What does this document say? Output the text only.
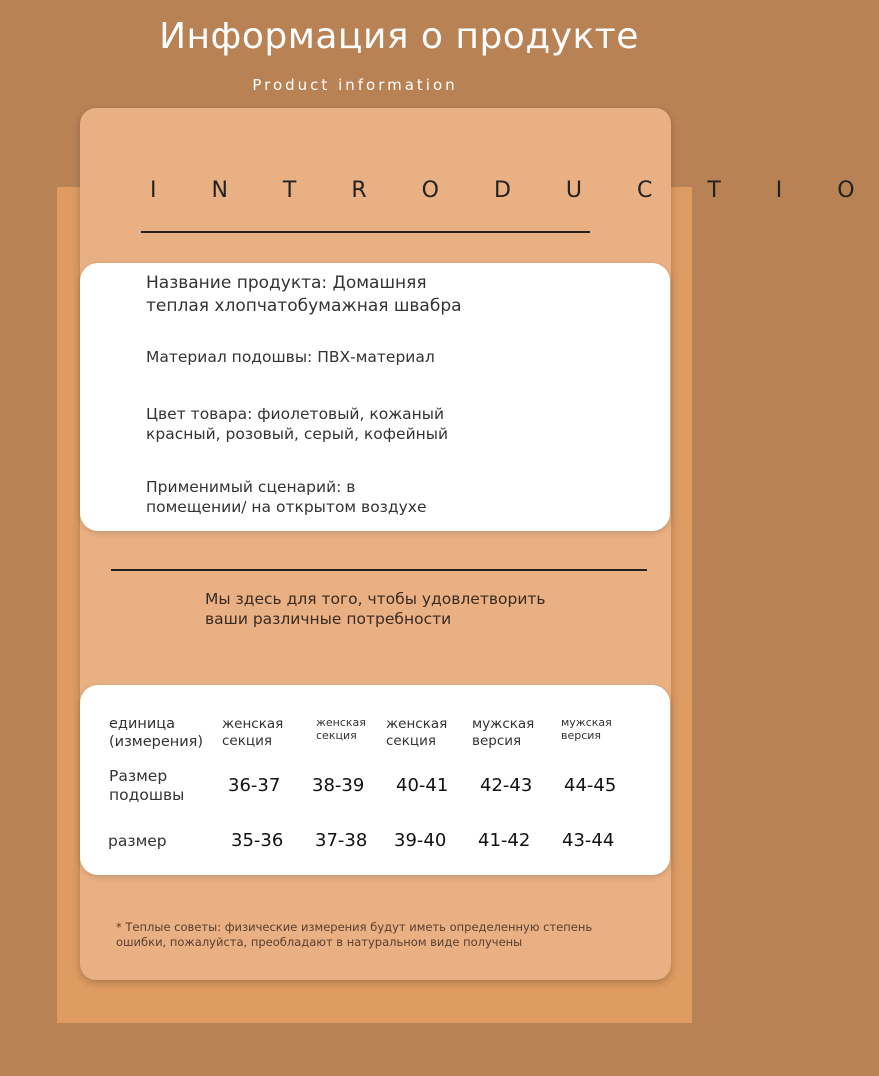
Информация о продукте
Product information
I N T R O D U C T I O
Название продукта: Домашняя
теплая хлопчатобумажная швабра
Материал подошвы: ПВХ-материал
Цвет товара: фиолетовый, кожаный
красный, розовый, серый, кофейный
Применимый сценарий: в
помещении/ на открытом воздухе
Мы здесь для того, чтобы удовлетворить
ваши различные потребности
единица
(измерения)
женская
секция
женская
секция
женская
секция
мужская
версия
мужская
версия
Размер
подошвы 36-37 38-39 40-41 42-43 44-45
размер	35-36 37-38 39-40 41-42 43-44
* Теплые советы: физические измерения будут иметь определенную степень
ошибки, пожалуйста, преобладают в натуральном виде получены
